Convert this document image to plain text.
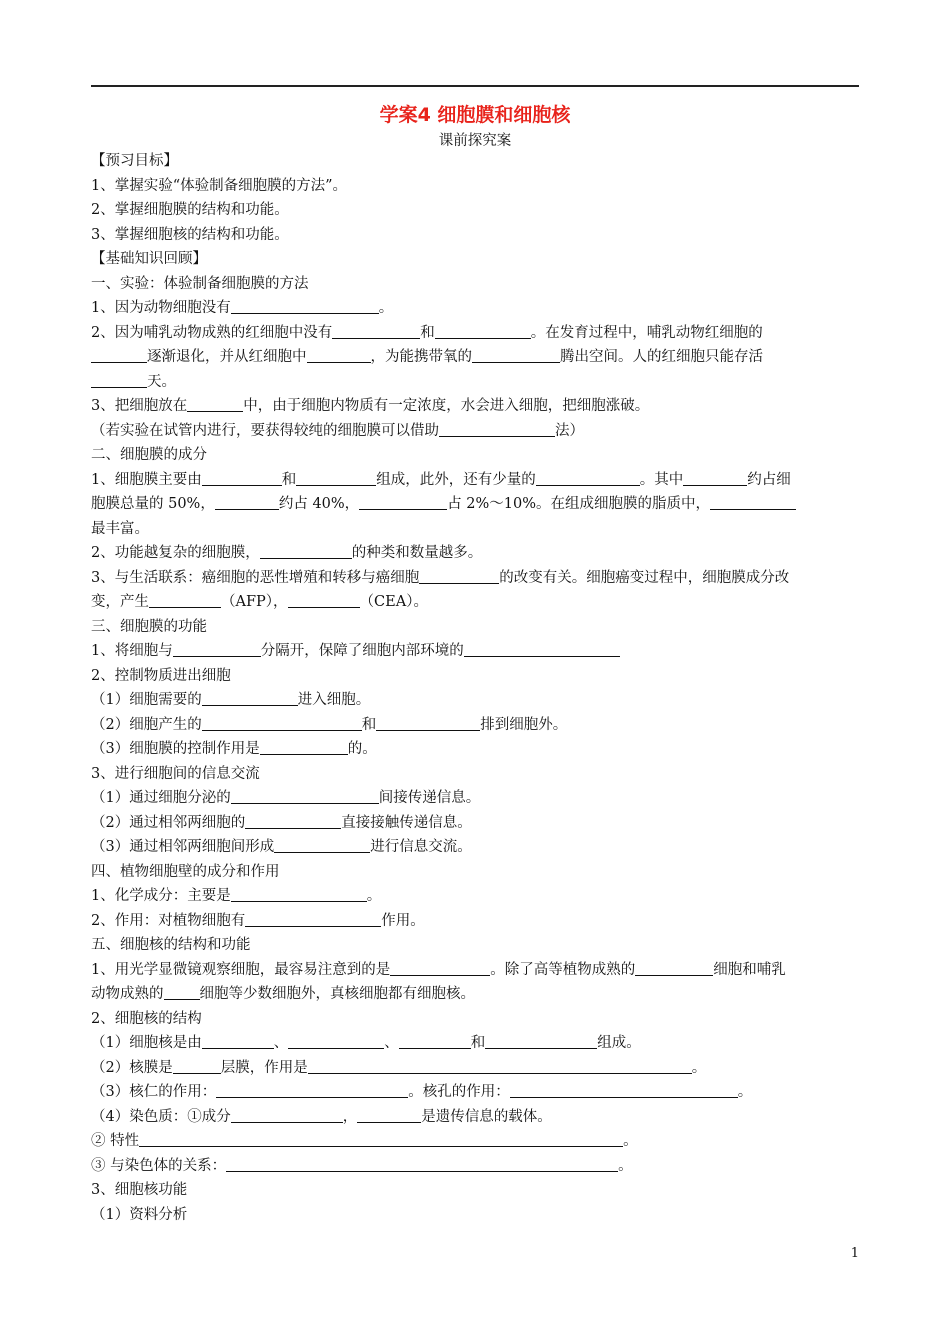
学案4 细胞膜和细胞核
课前探究案
【预习目标】
1、掌握实验“体验制备细胞膜的方法”。
2、掌握细胞膜的结构和功能。
3、掌握细胞核的结构和功能。
【基础知识回顾】
一、实验：体验制备细胞膜的方法
1、因为动物细胞没有	。
2、因为哺乳动物成熟的红细胞中没有	和	。在发育过程中，哺乳动物红细胞的
逐渐退化，并从红细胞中	，为能携带氧的	腾出空间。人的红细胞只能存活
天。
3、把细胞放在	中，由于细胞内物质有一定浓度，水会进入细胞，把细胞涨破。
（若实验在试管内进行，要获得较纯的细胞膜可以借助	法）
二、细胞膜的成分
1、细胞膜主要由	和	组成，此外，还有少量的	。其中	约占细
胞膜总量的 50%，	约占 40%，	占 2%～10%。在组成细胞膜的脂质中，
最丰富。
2、功能越复杂的细胞膜，	的种类和数量越多。
3、与生活联系：癌细胞的恶性增殖和转移与癌细胞	的改变有关。细胞癌变过程中，细胞膜成分改
变，产生	（AFP），	（CEA）。
三、细胞膜的功能
1、将细胞与	分隔开，保障了细胞内部环境的
2、控制物质进出细胞
（1）细胞需要的	进入细胞。
（2）细胞产生的	和	排到细胞外。
（3）细胞膜的控制作用是	的。
3、进行细胞间的信息交流
（1）通过细胞分泌的	间接传递信息。
（2）通过相邻两细胞的	直接接触传递信息。
（3）通过相邻两细胞间形成	进行信息交流。
四、植物细胞壁的成分和作用
1、化学成分：主要是	。
2、作用：对植物细胞有	作用。
五、细胞核的结构和功能
1、用光学显微镜观察细胞，最容易注意到的是	。除了高等植物成熟的	细胞和哺乳
动物成熟的 细胞等少数细胞外，真核细胞都有细胞核。
2、细胞核的结构
（1）细胞核是由	、	、	和	组成。
（2）核膜是	层膜，作用是	。
（3）核仁的作用：	。核孔的作用：	。
（4）染色质：①成分	，	是遗传信息的载体。
② 特性	。
③ 与染色体的关系：	。
3、细胞核功能
（1）资料分析
1
